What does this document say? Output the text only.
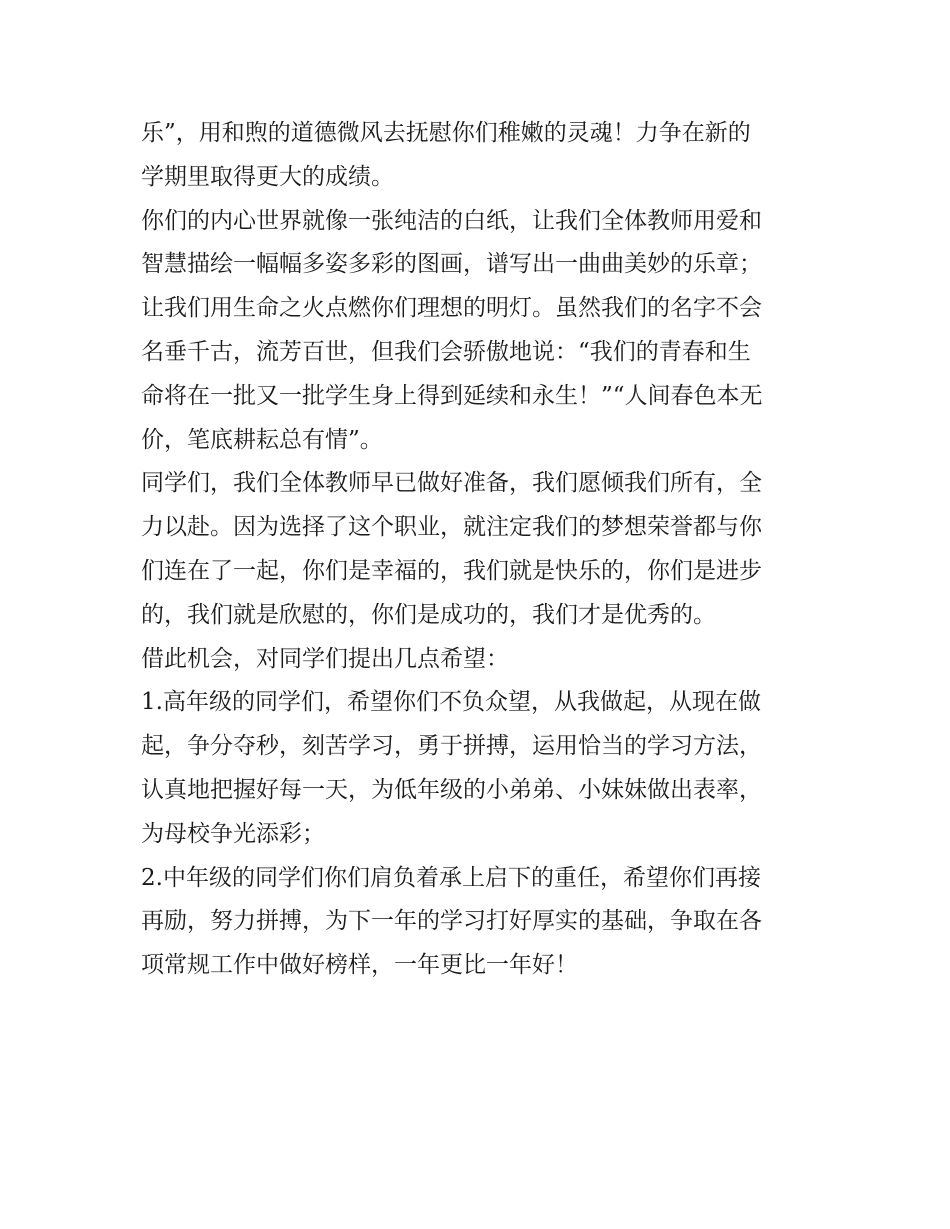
乐”，用和煦的道德微风去抚慰你们稚嫩的灵魂！力争在新的
学期里取得更大的成绩。
你们的内心世界就像一张纯洁的白纸，让我们全体教师用爱和
智慧描绘一幅幅多姿多彩的图画，谱写出一曲曲美妙的乐章；
让我们用生命之火点燃你们理想的明灯。虽然我们的名字不会
名垂千古，流芳百世，但我们会骄傲地说：“我们的青春和生
命将在一批又一批学生身上得到延续和永生！”“人间春色本无
价，笔底耕耘总有情”。
同学们，我们全体教师早已做好准备，我们愿倾我们所有，全
力以赴。因为选择了这个职业，就注定我们的梦想荣誉都与你
们连在了一起，你们是幸福的，我们就是快乐的，你们是进步
的，我们就是欣慰的，你们是成功的，我们才是优秀的。
借此机会，对同学们提出几点希望：
1.高年级的同学们，希望你们不负众望，从我做起，从现在做
起，争分夺秒，刻苦学习，勇于拼搏，运用恰当的学习方法，
认真地把握好每一天，为低年级的小弟弟、小妹妹做出表率，
为母校争光添彩；
2.中年级的同学们你们肩负着承上启下的重任，希望你们再接
再励，努力拼搏，为下一年的学习打好厚实的基础，争取在各
项常规工作中做好榜样，一年更比一年好！
